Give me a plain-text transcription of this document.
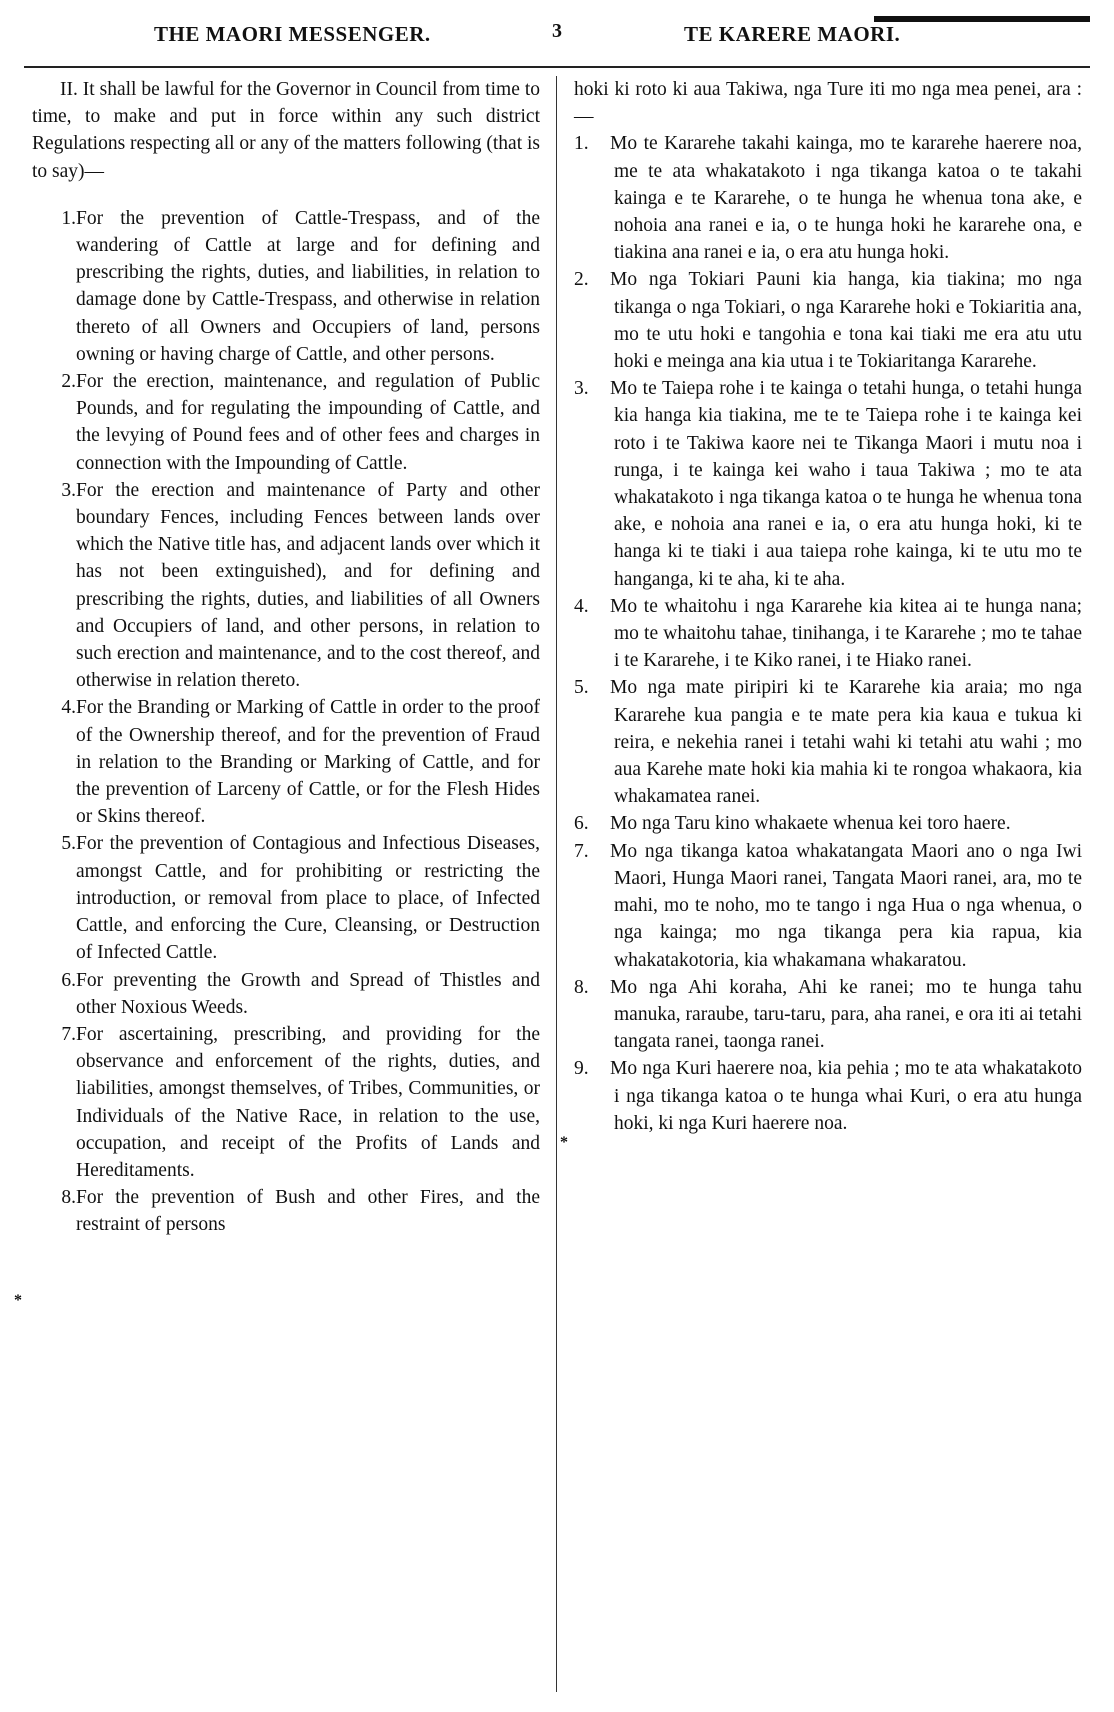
THE MAORI MESSENGER.	3	TE KARERE MAORI.

II. It shall be lawful for the Governor in Council from time to time, to make and put in force within any such district Regulations respecting all or any of the matters following (that is to say)—

1.For the prevention of Cattle-Trespass, and of the wandering of Cattle at large and for defining and prescribing the rights, duties, and liabilities, in relation to damage done by Cattle-Trespass, and otherwise in relation thereto of all Owners and Occupiers of land, persons owning or having charge of Cattle, and other persons.

2.For the erection, maintenance, and regulation of Public Pounds, and for regulating the impounding of Cattle, and the levying of Pound fees and of other fees and charges in connection with the Impounding of Cattle.

3.For the erection and maintenance of Party and other boundary Fences, including Fences between lands over which the Native title has, and adjacent lands over which it has not been extinguished), and for defining and prescribing the rights, duties, and liabilities of all Owners and Occupiers of land, and other persons, in relation to such erection and maintenance, and to the cost thereof, and otherwise in relation thereto.

4.For the Branding or Marking of Cattle in order to the proof of the Ownership thereof, and for the prevention of Fraud in relation to the Branding or Marking of Cattle, and for the prevention of Larceny of Cattle, or for the Flesh Hides or Skins thereof.

5.For the prevention of Contagious and Infectious Diseases, amongst Cattle, and for prohibiting or restricting the introduction, or removal from place to place, of Infected Cattle, and enforcing the Cure, Cleansing, or Destruction of Infected Cattle.

6.For preventing the Growth and Spread of Thistles and other Noxious Weeds.

7.For ascertaining, prescribing, and providing for the observance and enforcement of the rights, duties, and liabilities, amongst themselves, of Tribes, Communities, or Individuals of the Native Race, in relation to the use, occupation, and receipt of the Profits of Lands and Hereditaments.

8.For the prevention of Bush and other Fires, and the restraint of persons

hoki ki roto ki aua Takiwa, nga Ture iti mo nga mea penei, ara :—

1. Mo te Kararehe takahi kainga, mo te kararehe haerere noa, me te ata whakatakoto i nga tikanga katoa o te takahi kainga e te Kararehe, o te hunga he whenua tona ake, e nohoia ana ranei e ia, o te hunga hoki he kararehe ona, e tiakina ana ranei e ia, o era atu hunga hoki.

2. Mo nga Tokiari Pauni kia hanga, kia tiakina; mo nga tikanga o nga Tokiari, o nga Kararehe hoki e Tokiaritia ana, mo te utu hoki e tangohia e tona kai tiaki me era atu utu hoki e meinga ana kia utua i te Tokiaritanga Kararehe.

3. Mo te Taiepa rohe i te kainga o tetahi hunga, o tetahi hunga kia hanga kia tiakina, me te te Taiepa rohe i te kainga kei roto i te Takiwa kaore nei te Tikanga Maori i mutu noa i runga, i te kainga kei waho i taua Takiwa ; mo te ata whakatakoto i nga tikanga katoa o te hunga he whenua tona ake, e nohoia ana ranei e ia, o era atu hunga hoki, ki te hanga ki te tiaki i aua taiepa rohe kainga, ki te utu mo te hanganga, ki te aha, ki te aha.

4. Mo te whaitohu i nga Kararehe kia kitea ai te hunga nana; mo te whaitohu tahae, tinihanga, i te Kararehe ; mo te tahae i te Kararehe, i te Kiko ranei, i te Hiako ranei.

5. Mo nga mate piripiri ki te Kararehe kia araia; mo nga Kararehe kua pangia e te mate pera kia kaua e tukua ki reira, e nekehia ranei i tetahi wahi ki tetahi atu wahi ; mo aua Karehe mate hoki kia mahia ki te rongoa whakaora, kia whakamatea ranei.

6. Mo nga Taru kino whakaete whenua kei toro haere.

7. Mo nga tikanga katoa whakatangata Maori ano o nga Iwi Maori, Hunga Maori ranei, Tangata Maori ranei, ara, mo te mahi, mo te noho, mo te tango i nga Hua o nga whenua, o nga kainga; mo nga tikanga pera kia rapua, kia whakatakotoria, kia whakamana whakaratou.

8. Mo nga Ahi koraha, Ahi ke ranei; mo te hunga tahu manuka, raraube, taru-taru, para, aha ranei, e ora iti ai tetahi tangata ranei, taonga ranei.

9. Mo nga Kuri haerere noa, kia pehia ; mo te ata whakatakoto i nga tikanga katoa o te hunga whai Kuri, o era atu hunga hoki, ki nga Kuri haerere noa.

*
*
